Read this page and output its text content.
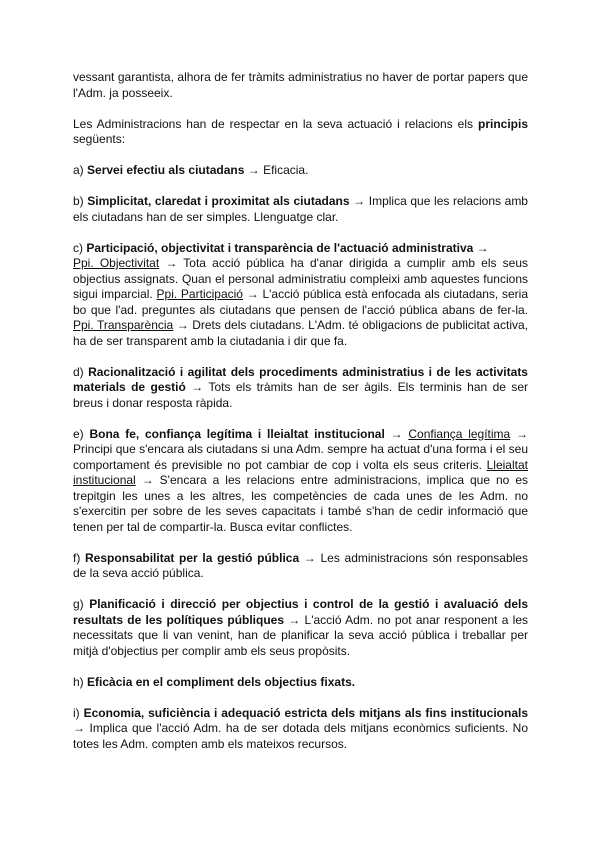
vessant garantista, alhora de fer tràmits administratius no haver de portar papers que l'Adm. ja posseeix.

Les Administracions han de respectar en la seva actuació i relacions els principis següents:

a) Servei efectiu als ciutadans → Eficacia.

b) Simplicitat, claredat i proximitat als ciutadans → Implica que les relacions amb els ciutadans han de ser simples. Llenguatge clar.

c) Participació, objectivitat i transparència de l'actuació administrativa →
Ppi. Objectivitat → Tota acció pública ha d'anar dirigida a cumplir amb els seus objectius assignats. Quan el personal administratiu compleixi amb aquestes funcions sigui imparcial. Ppi. Participació → L'acció pública està enfocada als ciutadans, seria bo que l'ad. preguntes als ciutadans que pensen de l'acció pública abans de fer-la. Ppi. Transparència → Drets dels ciutadans. L'Adm. té obligacions de publicitat activa, ha de ser transparent amb la ciutadania i dir que fa.

d) Racionalització i agilitat dels procediments administratius i de les activitats materials de gestió → Tots els tràmits han de ser àgils. Els terminis han de ser breus i donar resposta ràpida.

e) Bona fe, confiança legítima i lleialtat institucional → Confiança legítima → Principi que s'encara als ciutadans si una Adm. sempre ha actuat d'una forma i el seu comportament és previsible no pot cambiar de cop i volta els seus criteris. Lleialtat institucional → S'encara a les relacions entre administracions, implica que no es trepitgin les unes a les altres, les competències de cada unes de les Adm. no s'exercitin per sobre de les seves capacitats i també s'han de cedir informació que tenen per tal de compartir-la. Busca evitar conflictes.

f) Responsabilitat per la gestió pública → Les administracions són responsables de la seva acció pública.

g) Planificació i direcció per objectius i control de la gestió i avaluació dels resultats de les polítiques públiques → L'acció Adm. no pot anar responent a les necessitats que li van venint, han de planificar la seva acció pública i treballar per mitjà d'objectius per complir amb els seus propòsits.

h) Eficàcia en el compliment dels objectius fixats.

i) Economia, suficiència i adequació estricta dels mitjans als fins institucionals → Implica que l'acció Adm. ha de ser dotada dels mitjans econòmics suficients. No totes les Adm. compten amb els mateixos recursos.
